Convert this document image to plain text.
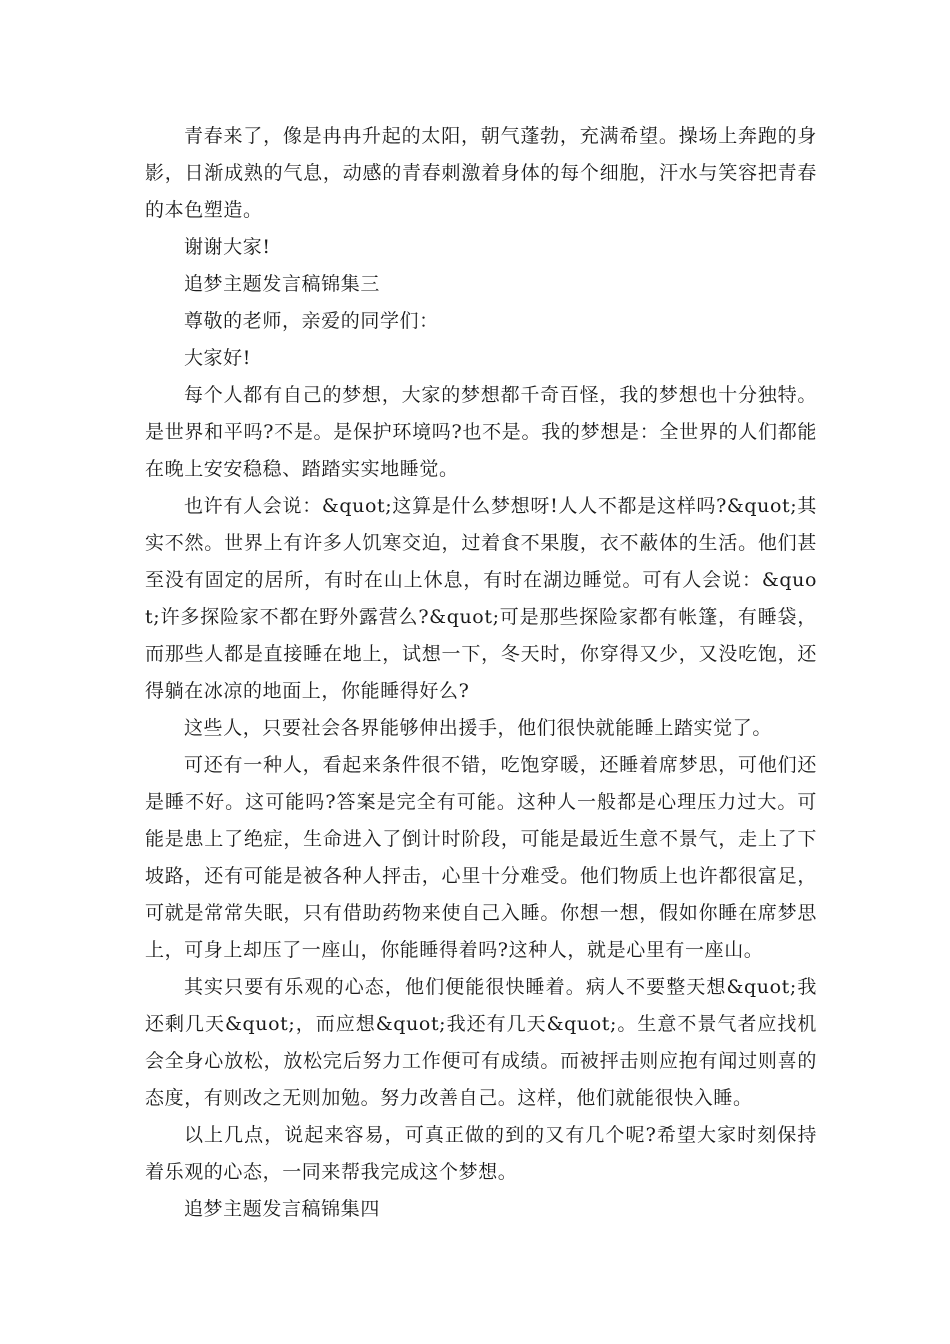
青春来了，像是冉冉升起的太阳，朝气蓬勃，充满希望。操场上奔跑的身影，日渐成熟的气息，动感的青春刺激着身体的每个细胞，汗水与笑容把青春的本色塑造。

谢谢大家!

追梦主题发言稿锦集三

尊敬的老师，亲爱的同学们：

大家好!

每个人都有自己的梦想，大家的梦想都千奇百怪，我的梦想也十分独特。是世界和平吗?不是。是保护环境吗?也不是。我的梦想是：全世界的人们都能在晚上安安稳稳、踏踏实实地睡觉。

也许有人会说：&quot;这算是什么梦想呀!人人不都是这样吗?&quot;其实不然。世界上有许多人饥寒交迫，过着食不果腹，衣不蔽体的生活。他们甚至没有固定的居所，有时在山上休息，有时在湖边睡觉。可有人会说：&quot;许多探险家不都在野外露营么?&quot;可是那些探险家都有帐篷，有睡袋，而那些人都是直接睡在地上，试想一下，冬天时，你穿得又少，又没吃饱，还得躺在冰凉的地面上，你能睡得好么?

这些人，只要社会各界能够伸出援手，他们很快就能睡上踏实觉了。

可还有一种人，看起来条件很不错，吃饱穿暖，还睡着席梦思，可他们还是睡不好。这可能吗?答案是完全有可能。这种人一般都是心理压力过大。可能是患上了绝症，生命进入了倒计时阶段，可能是最近生意不景气，走上了下坡路，还有可能是被各种人抨击，心里十分难受。他们物质上也许都很富足，可就是常常失眠，只有借助药物来使自己入睡。你想一想，假如你睡在席梦思上，可身上却压了一座山，你能睡得着吗?这种人，就是心里有一座山。

其实只要有乐观的心态，他们便能很快睡着。病人不要整天想&quot;我还剩几天&quot;，而应想&quot;我还有几天&quot;。生意不景气者应找机会全身心放松，放松完后努力工作便可有成绩。而被抨击则应抱有闻过则喜的态度，有则改之无则加勉。努力改善自己。这样，他们就能很快入睡。

以上几点，说起来容易，可真正做的到的又有几个呢?希望大家时刻保持着乐观的心态，一同来帮我完成这个梦想。

追梦主题发言稿锦集四
